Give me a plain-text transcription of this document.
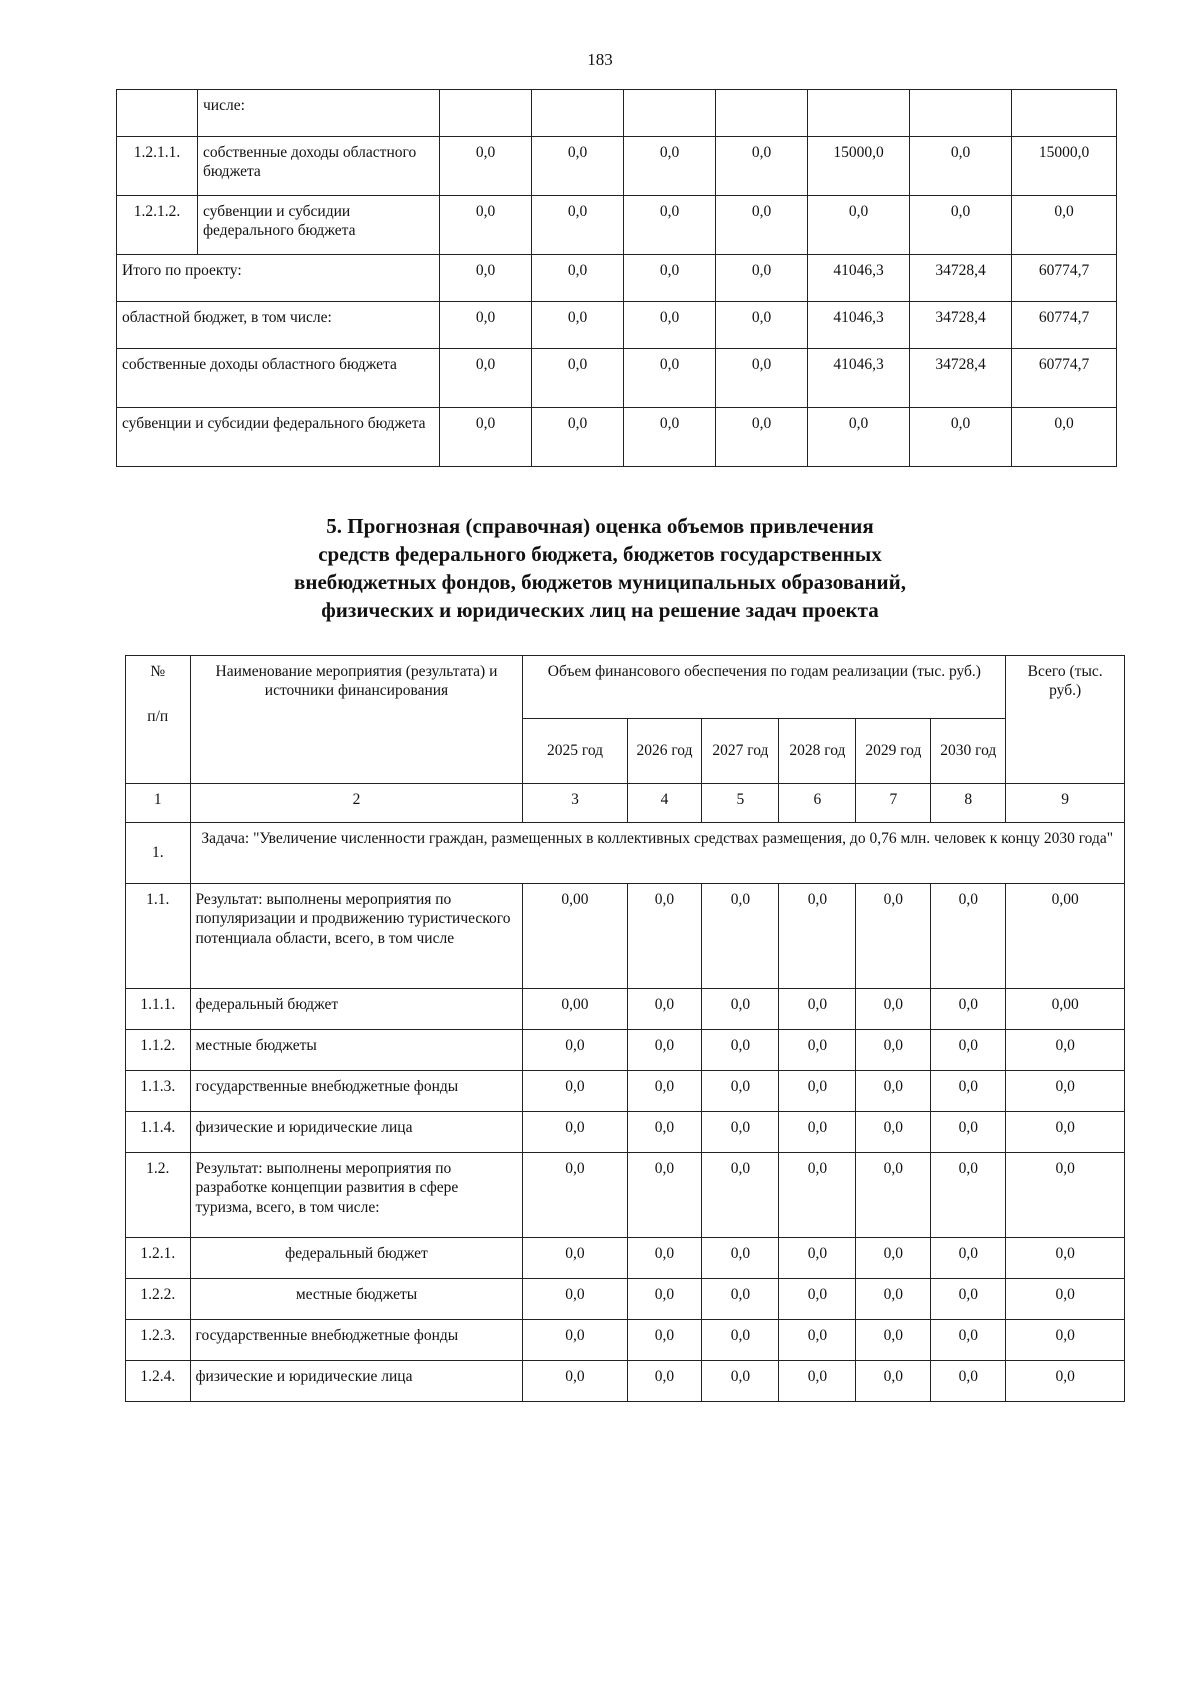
183
	числе:							
1.2.1.1.	собственные доходы областного бюджета	0,0	0,0	0,0	0,0	15000,0	0,0	15000,0
1.2.1.2.	субвенции и субсидии федерального бюджета	0,0	0,0	0,0	0,0	0,0	0,0	0,0
Итого по проекту:		0,0	0,0	0,0	0,0	41046,3	34728,4	60774,7
областной бюджет, в том числе:		0,0	0,0	0,0	0,0	41046,3	34728,4	60774,7
собственные доходы областного бюджета		0,0	0,0	0,0	0,0	41046,3	34728,4	60774,7
субвенции и субсидии федерального бюджета		0,0	0,0	0,0	0,0	0,0	0,0	0,0
5. Прогнозная (справочная) оценка объемов привлечения
средств федерального бюджета, бюджетов государственных
внебюджетных фондов, бюджетов муниципальных образований,
физических и юридических лиц на решение задач проекта
№
п/п	Наименование мероприятия (результата) и источники финансирования	Объем финансового обеспечения по годам реализации (тыс. руб.)						Всего (тыс. руб.)
		2025 год	2026 год	2027 год	2028 год	2029 год	2030 год	
1	2	3	4	5	6	7	8	9
1.	Задача: "Увеличение численности граждан, размещенных в коллективных средствах размещения, до 0,76 млн. человек к концу 2030 года"							
1.1.	Результат: выполнены мероприятия по популяризации и продвижению туристического потенциала области, всего, в том числе	0,00	0,0	0,0	0,0	0,0	0,0	0,00
1.1.1.	федеральный бюджет	0,00	0,0	0,0	0,0	0,0	0,0	0,00
1.1.2.	местные бюджеты	0,0	0,0	0,0	0,0	0,0	0,0	0,0
1.1.3.	государственные внебюджетные фонды	0,0	0,0	0,0	0,0	0,0	0,0	0,0
1.1.4.	физические и юридические лица	0,0	0,0	0,0	0,0	0,0	0,0	0,0
1.2.	Результат: выполнены мероприятия по разработке концепции развития в сфере туризма, всего, в том числе:	0,0	0,0	0,0	0,0	0,0	0,0	0,0
1.2.1.	федеральный бюджет	0,0	0,0	0,0	0,0	0,0	0,0	0,0
1.2.2.	местные бюджеты	0,0	0,0	0,0	0,0	0,0	0,0	0,0
1.2.3.	государственные внебюджетные фонды	0,0	0,0	0,0	0,0	0,0	0,0	0,0
1.2.4.	физические и юридические лица	0,0	0,0	0,0	0,0	0,0	0,0	0,0
